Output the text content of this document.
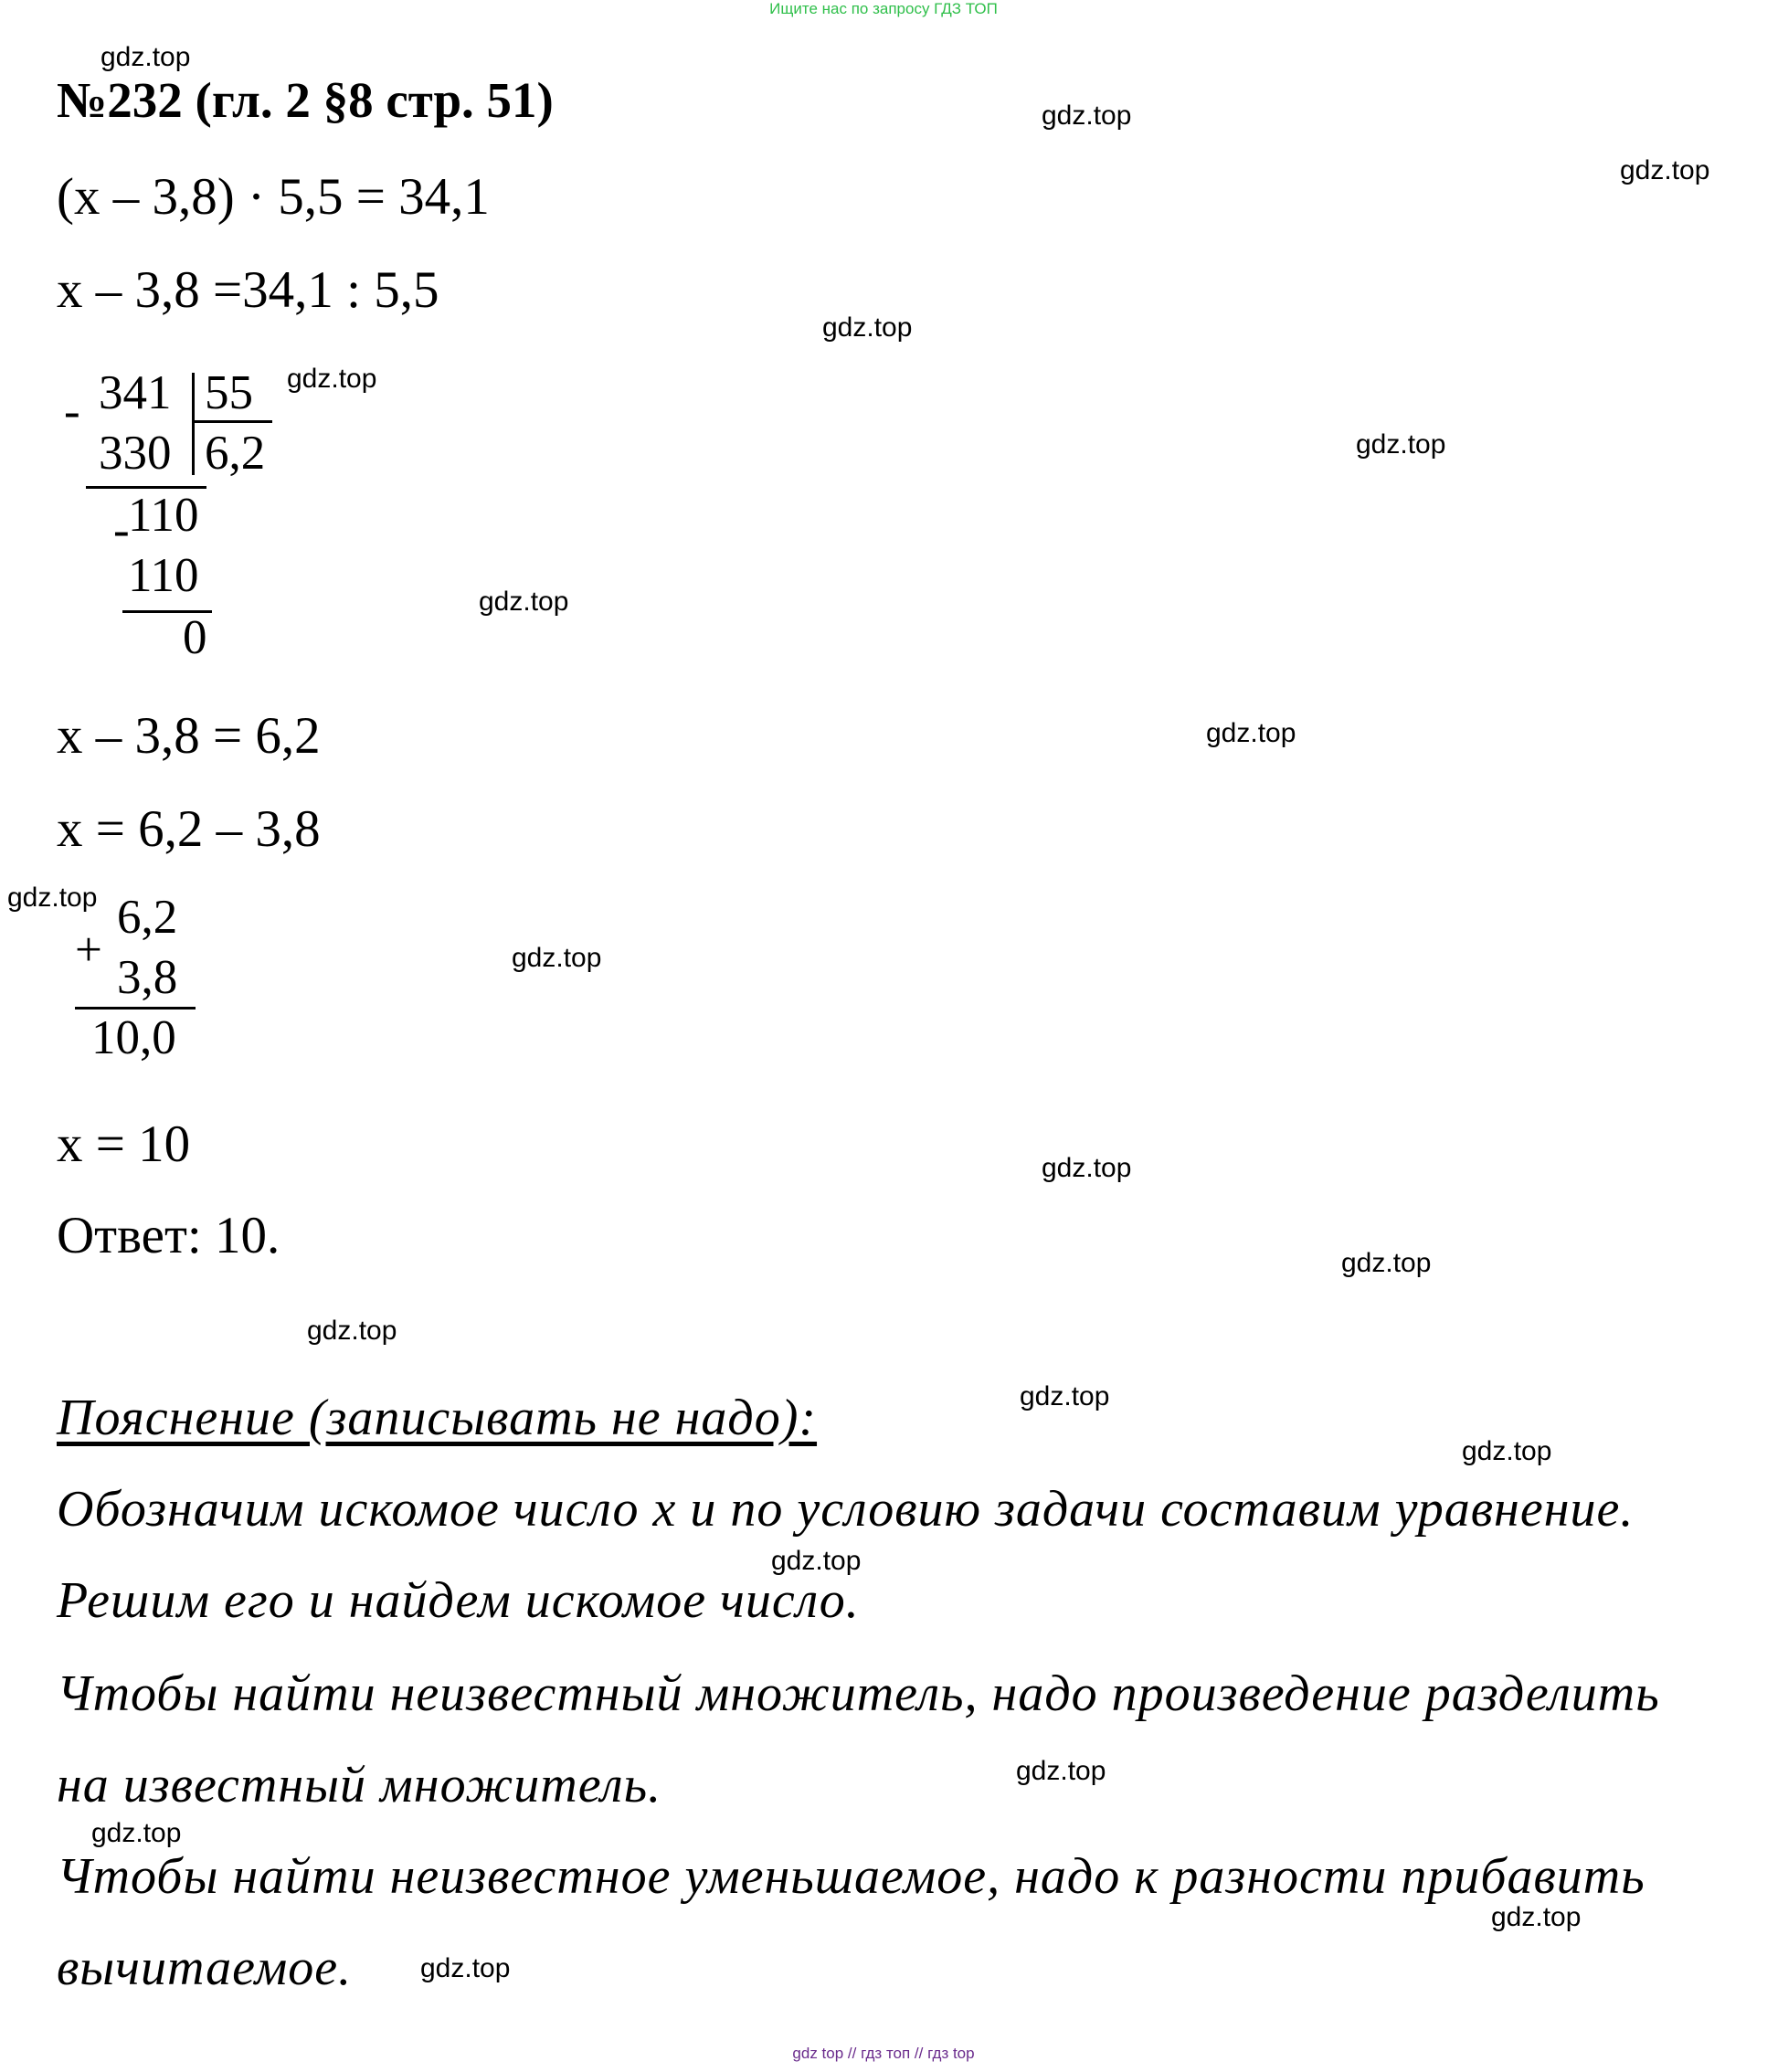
Ищите нас по запросу ГДЗ ТОП
№232 (гл. 2 §8 стр. 51)
(x – 3,8) · 5,5 = 34,1
x – 3,8 =34,1 : 5,5
- 341 55
330 6,2
-
110
110
0
x – 3,8 = 6,2
x = 6,2 – 3,8
+
6,2
3,8
10,0
x = 10
Ответ: 10.
Пояснение (записывать не надо):
Обозначим искомое число x и по условию задачи составим уравнение.
Решим его и найдем искомое число.
Чтобы найти неизвестный множитель, надо произведение разделить
на известный множитель.
Чтобы найти неизвестное уменьшаемое, надо к разности прибавить
вычитаемое.
gdz.top
gdz.top
gdz.top
gdz.top
gdz.top
gdz.top
gdz.top
gdz.top
gdz.top
gdz.top
gdz.top
gdz.top
gdz.top
gdz.top
gdz.top
gdz.top
gdz.top
gdz.top
gdz.top
gdz.top
gdz top // гдз топ // гдз top
